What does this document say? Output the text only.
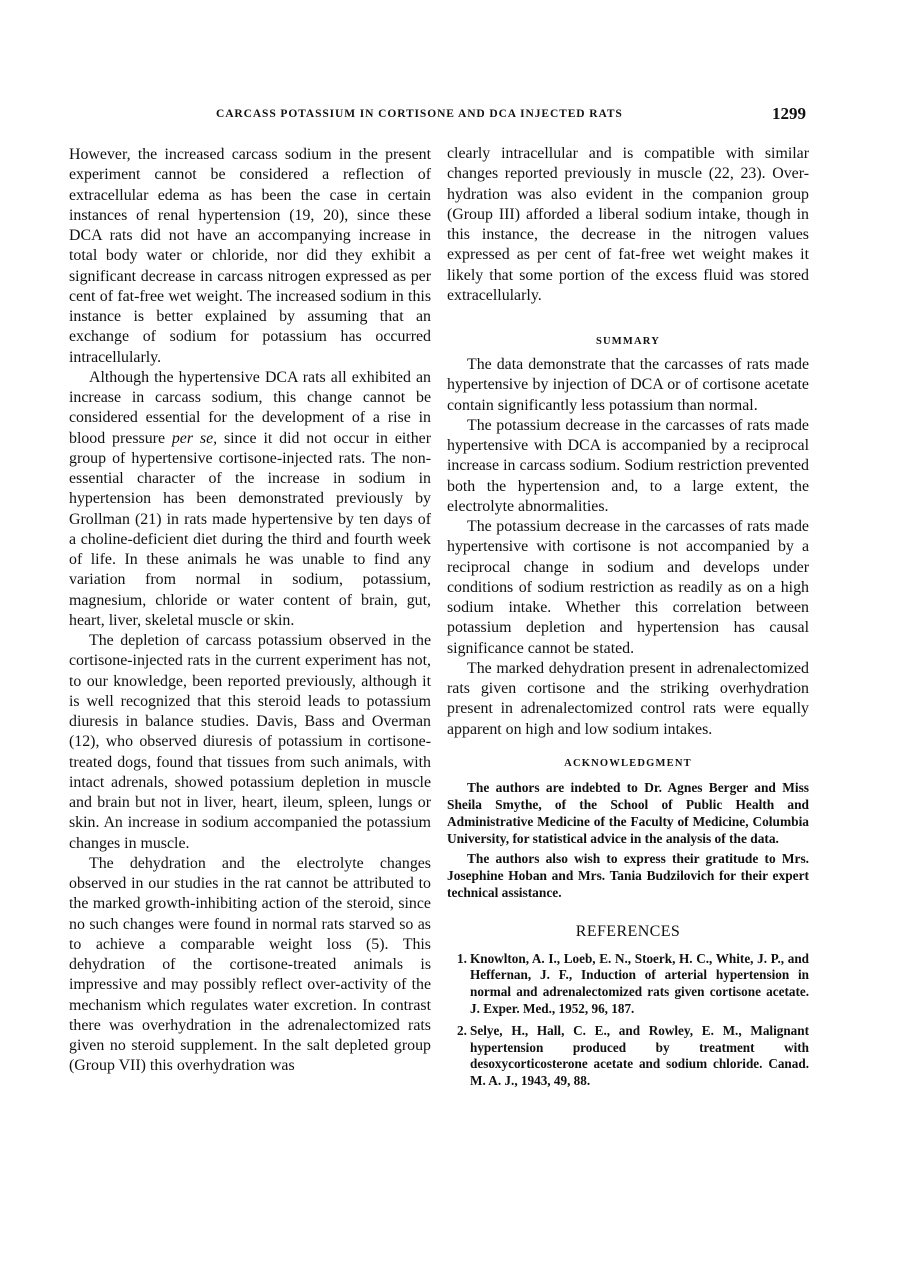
CARCASS POTASSIUM IN CORTISONE AND DCA INJECTED RATS	1299

However, the increased carcass sodium in the present experiment cannot be considered a reflection of extracellular edema as has been the case in certain instances of renal hypertension (19, 20), since these DCA rats did not have an accompanying increase in total body water or chloride, nor did they exhibit a significant decrease in carcass nitrogen expressed as per cent of fat-free wet weight. The increased sodium in this instance is better explained by assuming that an exchange of sodium for potassium has occurred intracellularly.

Although the hypertensive DCA rats all exhibited an increase in carcass sodium, this change cannot be considered essential for the development of a rise in blood pressure per se, since it did not occur in either group of hypertensive cortisone-injected rats. The non-essential character of the increase in sodium in hypertension has been demonstrated previously by Grollman (21) in rats made hypertensive by ten days of a choline-deficient diet during the third and fourth week of life. In these animals he was unable to find any variation from normal in sodium, potassium, magnesium, chloride or water content of brain, gut, heart, liver, skeletal muscle or skin.

The depletion of carcass potassium observed in the cortisone-injected rats in the current experiment has not, to our knowledge, been reported previously, although it is well recognized that this steroid leads to potassium diuresis in balance studies. Davis, Bass and Overman (12), who observed diuresis of potassium in cortisone- treated dogs, found that tissues from such animals, with intact adrenals, showed potassium depletion in muscle and brain but not in liver, heart, ileum, spleen, lungs or skin. An increase in sodium accompanied the potassium changes in muscle.

The dehydration and the electrolyte changes observed in our studies in the rat cannot be attributed to the marked growth-inhibiting action of the steroid, since no such changes were found in normal rats starved so as to achieve a comparable weight loss (5). This dehydration of the cortisone-treated animals is impressive and may possibly reflect over-activity of the mechanism which regulates water excretion. In contrast there was overhydration in the adrenalectomized rats given no steroid supplement. In the salt depleted group (Group VII) this overhydration was

clearly intracellular and is compatible with similar changes reported previously in muscle (22, 23). Over-hydration was also evident in the companion group (Group III) afforded a liberal sodium intake, though in this instance, the decrease in the nitrogen values expressed as per cent of fat-free wet weight makes it likely that some portion of the excess fluid was stored extracellularly.

SUMMARY

The data demonstrate that the carcasses of rats made hypertensive by injection of DCA or of cortisone acetate contain significantly less potassium than normal.

The potassium decrease in the carcasses of rats made hypertensive with DCA is accompanied by a reciprocal increase in carcass sodium. Sodium restriction prevented both the hypertension and, to a large extent, the electrolyte abnormalities.

The potassium decrease in the carcasses of rats made hypertensive with cortisone is not accompanied by a reciprocal change in sodium and develops under conditions of sodium restriction as readily as on a high sodium intake. Whether this correlation between potassium depletion and hypertension has causal significance cannot be stated.

The marked dehydration present in adrenalectomized rats given cortisone and the striking overhydration present in adrenalectomized control rats were equally apparent on high and low sodium intakes.

ACKNOWLEDGMENT

The authors are indebted to Dr. Agnes Berger and Miss Sheila Smythe, of the School of Public Health and Administrative Medicine of the Faculty of Medicine, Columbia University, for statistical advice in the analysis of the data.

The authors also wish to express their gratitude to Mrs. Josephine Hoban and Mrs. Tania Budzilovich for their expert technical assistance.

REFERENCES

1. Knowlton, A. I., Loeb, E. N., Stoerk, H. C., White, J. P., and Heffernan, J. F., Induction of arterial hypertension in normal and adrenalectomized rats given cortisone acetate. J. Exper. Med., 1952, 96, 187.
2. Selye, H., Hall, C. E., and Rowley, E. M., Malignant hypertension produced by treatment with desoxycorticosterone acetate and sodium chloride. Canad. M. A. J., 1943, 49, 88.
